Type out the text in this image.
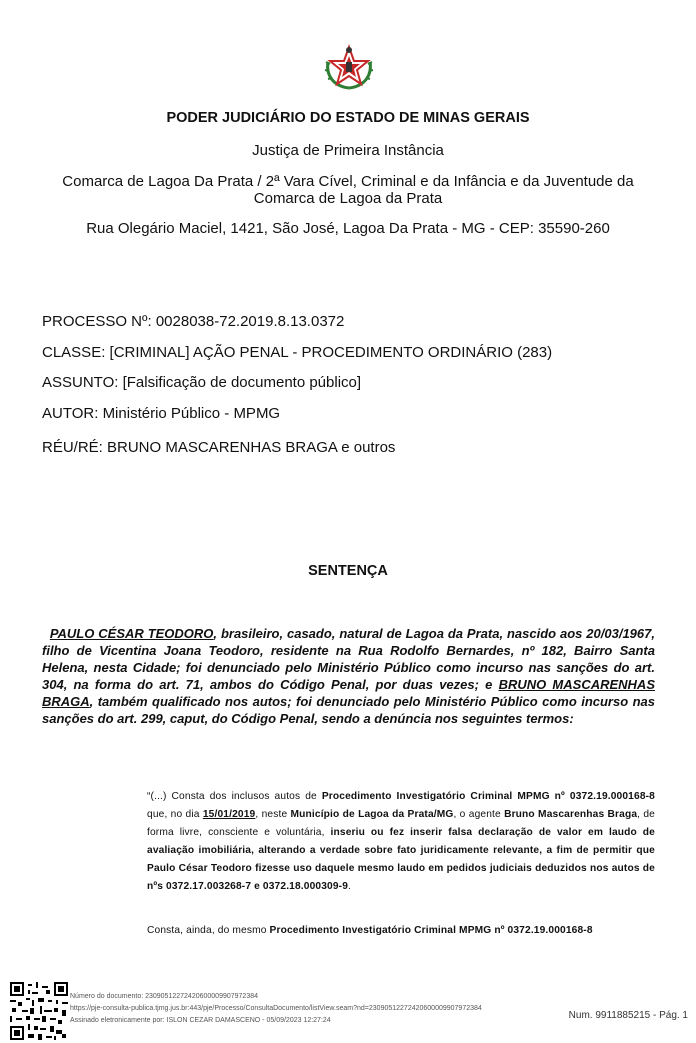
PODER JUDICIÁRIO DO ESTADO DE MINAS GERAIS
Justiça de Primeira Instância
Comarca de Lagoa Da Prata / 2ª Vara Cível, Criminal e da Infância e da Juventude da
Comarca de Lagoa da Prata
Rua Olegário Maciel, 1421, São José, Lagoa Da Prata - MG - CEP: 35590-260
PROCESSO Nº: 0028038-72.2019.8.13.0372
CLASSE: [CRIMINAL] AÇÃO PENAL - PROCEDIMENTO ORDINÁRIO (283)
ASSUNTO: [Falsificação de documento público]
AUTOR: Ministério Público - MPMG
RÉU/RÉ: BRUNO MASCARENHAS BRAGA e outros
SENTENÇA
PAULO CÉSAR TEODORO, brasileiro, casado, natural de Lagoa da Prata, nascido aos 20/03/1967, filho de Vicentina Joana Teodoro, residente na Rua Rodolfo Bernardes, nº 182, Bairro Santa Helena, nesta Cidade; foi denunciado pelo Ministério Público como incurso nas sanções do art. 304, na forma do art. 71, ambos do Código Penal, por duas vezes; e BRUNO MASCARENHAS BRAGA, também qualificado nos autos; foi denunciado pelo Ministério Público como incurso nas sanções do art. 299, caput, do Código Penal, sendo a denúncia nos seguintes termos:
“(...) Consta dos inclusos autos de Procedimento Investigatório Criminal MPMG nº 0372.19.000168-8 que, no dia 15/01/2019, neste Município de Lagoa da Prata/MG, o agente Bruno Mascarenhas Braga, de forma livre, consciente e voluntária, inseriu ou fez inserir falsa declaração de valor em laudo de avaliação imobiliária, alterando a verdade sobre fato juridicamente relevante, a fim de permitir que Paulo César Teodoro fizesse uso daquele mesmo laudo em pedidos judiciais deduzidos nos autos de nºs 0372.17.003268-7 e 0372.18.000309-9.
Consta, ainda, do mesmo Procedimento Investigatório Criminal MPMG nº 0372.19.000168-8
Número do documento: 23090512272420600009907972384
https://pje-consulta-publica.tjmg.jus.br:443/pje/Processo/ConsultaDocumento/listView.seam?nd=23090512272420600009907972384
Assinado eletronicamente por: ISLON CEZAR DAMASCENO - 05/09/2023 12:27:24	Num. 9911885215 - Pág. 1
